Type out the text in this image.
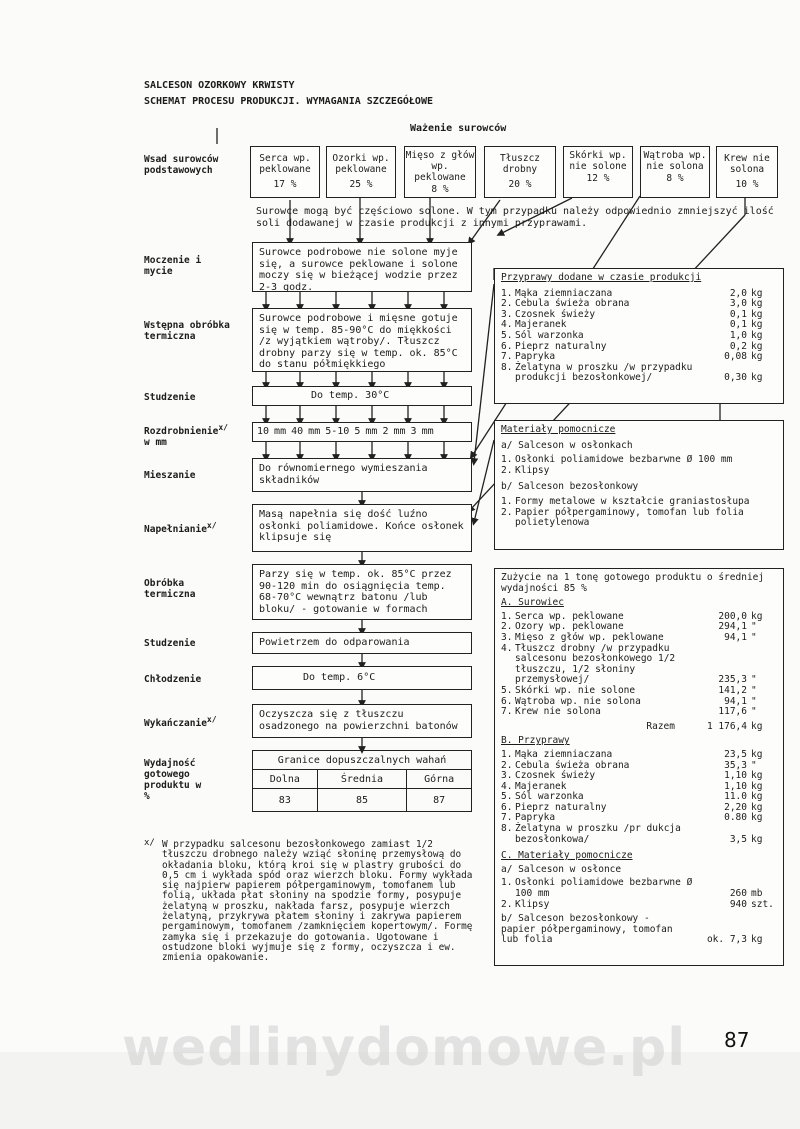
SALCESON OZORKOWY KRWISTY
SCHEMAT PROCESU PRODUKCJI. WYMAGANIA SZCZEGÓŁOWE
Ważenie surowców
Wsad surowców podstawowych
Moczenie i mycie
Wstępna obróbka termiczna
Studzenie
Rozdrobnienie$^{x/}$
w mm
Mieszanie
Napełnianie$^{x/}$
Obróbka termiczna
Studzenie
Chłodzenie
Wykańczanie$^{x/}$
Wydajność gotowego produktu w %
Serca wp. peklowane
17 %
Ozorki wp. peklowane
25 %
Mięso z głów wp. peklowane
8 %
Tłuszcz drobny
20 %
Skórki wp. nie solone
12 %
Wątroba wp. nie solona
8 %
Krew nie solona
10 %
Surowce mogą być częściowo solone. W tym przypadku należy odpowiednio zmniejszyć ilość soli dodawanej w czasie produkcji z innymi przyprawami.
Surowce podrobowe nie solone myje się, a surowce peklowane i solone moczy się w bieżącej wodzie przez 2-3 godz.
Surowce podrobowe i mięsne gotuje się w temp. 85-90°C do miękkości /z wyjątkiem wątroby/. Tłuszcz drobny parzy się w temp. ok. 85°C do stanu półmiękkiego
Do temp. 30°C
10 mm 40 mm 5-10 5 mm 2 mm 3 mm
Do równomiernego wymieszania składników
Masą napełnia się dość luźno osłonki poliamidowe. Końce osłonek klipsuje się
Parzy się w temp. ok. 85°C przez 90-120 min do osiągnięcia temp. 68-70°C wewnątrz batonu /lub bloku/ - gotowanie w formach
Powietrzem do odparowania
Do temp. 6°C
Oczyszcza się z tłuszczu osadzonego na powierzchni batonów
Granice dopuszczalnych wahań		
Dolna	Średnia	Górna
83	85	87
x/ W przypadku salcesonu bezosłonkowego zamiast 1/2 tłuszczu drobnego należy wziąć słoninę przemysłową do okładania bloku, którą kroi się w plastry grubości do 0,5 cm i wykłada spód oraz wierzch bloku. Formy wykłada się najpierw papierem półpergaminowym, tomofanem lub folią, układa płat słoniny na spodzie formy, posypuje żelatyną w proszku, nakłada farsz, posypuje wierzch żelatyną, przykrywa płatem słoniny i zakrywa papierem pergaminowym, tomofanem /zamknięciem kopertowym/. Formę zamyka się i przekazuje do gotowania. Ugotowane i ostudzone bloki wyjmuje się z formy, oczyszcza i ew. zmienia opakowanie.
Przyprawy dodane w czasie produkcji
1. Mąka ziemniaczana	2,0 kg
2. Cebula świeża obrana	3,0 kg
3. Czosnek świeży	0,1 kg
4. Majeranek	0,1 kg
5. Sól warzonka	1,0 kg
6. Pieprz naturalny	0,2 kg
7. Papryka	0,08 kg
8. Żelatyna w proszku /w przypadku produkcji bezosłonkowej/	0,30 kg
Materiały pomocnicze
a/ Salceson w osłonkach
1. Osłonki poliamidowe bezbarwne Ø 100 mm
2. Klipsy
b/ Salceson bezosłonkowy
1. Formy metalowe w kształcie graniastosłupa
2. Papier półpergaminowy, tomofan lub folia polietylenowa
Zużycie na 1 tonę gotowego produktu o średniej wydajności 85 %
A. Surowiec
1. Serca wp. peklowane	200,0 kg
2. Ozory wp. peklowane	294,1 "
3. Mięso z głów wp. peklowane	94,1 "
4. Tłuszcz drobny /w przypadku salcesonu bezosłonkowego 1/2 tłuszczu, 1/2 słoniny przemysłowej/	235,3 "
5. Skórki wp. nie solone	141,2 "
6. Wątroba wp. nie solona	94,1 "
7. Krew nie solona	117,6 "
Razem	1 176,4 kg
B. Przyprawy
1. Mąka ziemniaczana	23,5 kg
2. Cebula świeża obrana	35,3 "
3. Czosnek świeży	1,10 kg
4. Majeranek	1,10 kg
5. Sól warzonka	11.0 kg
6. Pieprz naturalny	2,20 kg
7. Papryka	0.80 kg
8. Żelatyna w proszku /pr dukcja bezosłonkowa/	3,5 kg
C. Materiały pomocnicze
a/ Salceson w osłonce
1. Osłonki poliamidowe bezbarwne Ø 100 mm	260 mb
2. Klipsy	940 szt.
b/ Salceson bezosłonkowy - papier półpergaminowy, tomofan lub folia	ok. 7,3 kg
wedlinydomowe.pl	87
